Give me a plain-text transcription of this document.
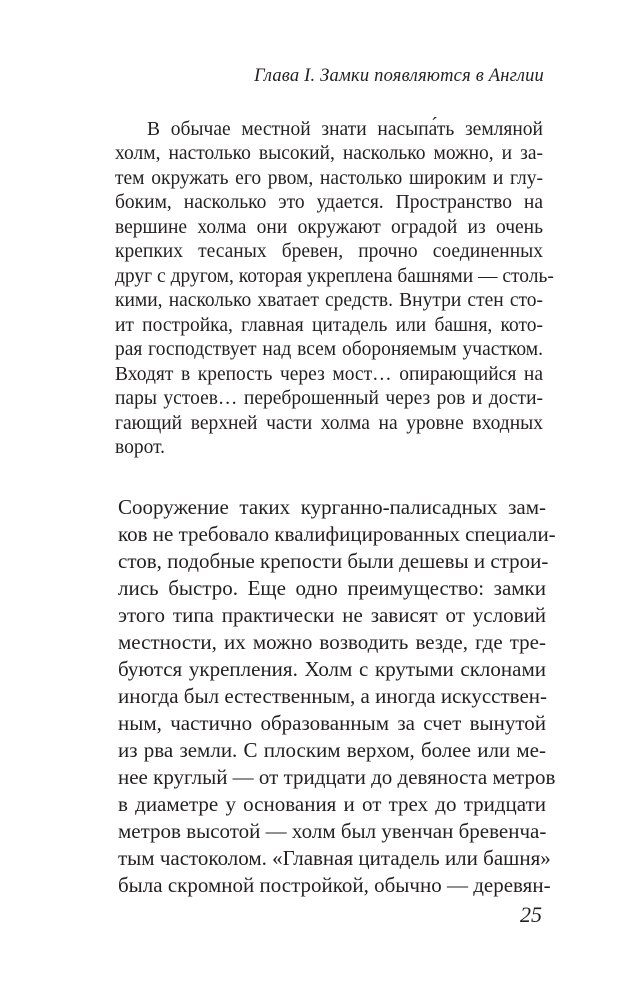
Глава I. Замки появляются в Англии
В обычае местной знати насыпа́ть земляной
холм, настолько высокий, насколько можно, и за-
тем окружать его рвом, настолько широким и глу-
боким, насколько это удается. Пространство на
вершине холма они окружают оградой из очень
крепких тесаных бревен, прочно соединенных
друг с другом, которая укреплена башнями — столь-
кими, насколько хватает средств. Внутри стен сто-
ит постройка, главная цитадель или башня, кото-
рая господствует над всем обороняемым участком.
Входят в крепость через мост… опирающийся на
пары устоев… переброшенный через ров и дости-
гающий верхней части холма на уровне входных
ворот.
Сооружение таких курганно-палисадных зам-
ков не требовало квалифицированных специали-
стов, подобные крепости были дешевы и строи-
лись быстро. Еще одно преимущество: замки
этого типа практически не зависят от условий
местности, их можно возводить везде, где тре-
буются укрепления. Холм с крутыми склонами
иногда был естественным, а иногда искусствен-
ным, частично образованным за счет вынутой
из рва земли. С плоским верхом, более или ме-
нее круглый — от тридцати до девяноста метров
в диаметре у основания и от трех до тридцати
метров высотой — холм был увенчан бревенча-
тым частоколом. «Главная цитадель или башня»
была скромной постройкой, обычно — деревян-
25
